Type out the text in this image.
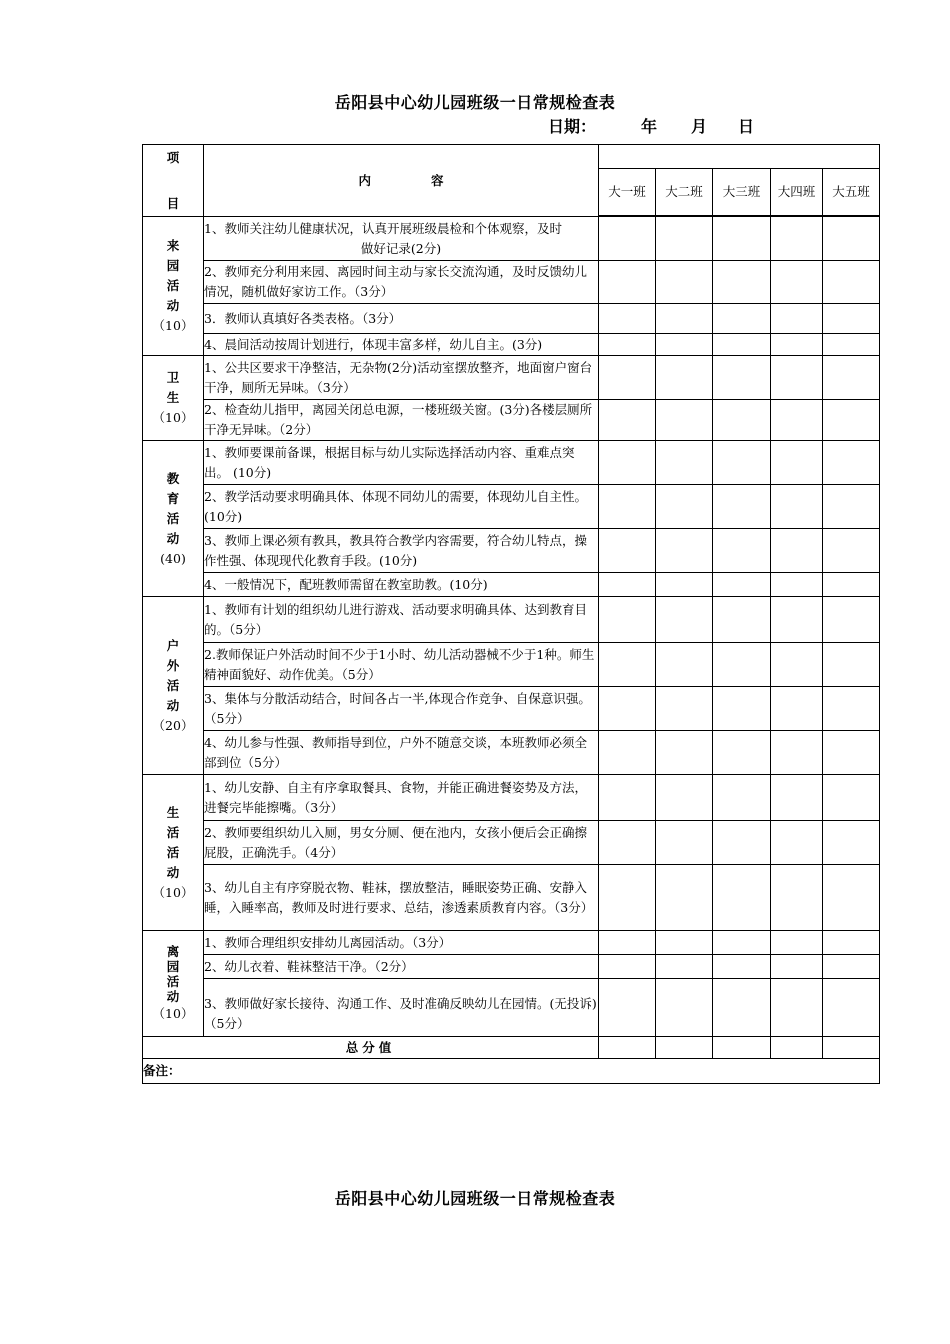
岳阳县中心幼儿园班级一日常规检查表
日期：	年 月 日
项
目	内容					
		大一班	大二班	大三班	大四班	大五班

来园活动
（10）	1、教师关注幼儿健康状况，认真开展班级晨检和个体观察，及时
做好记录(2分)					

	2、教师充分利用来园、离园时间主动与家长交流沟通，及时反馈幼儿情况，随机做好家访工作。（3分）					
	3．教师认真填好各类表格。（3分）					
	4、晨间活动按周计划进行，体现丰富多样，幼儿自主。(3分)					

卫生
（10）	1、公共区要求干净整洁，无杂物(2分)活动室摆放整齐，地面窗户窗台干净，厕所无异味。（3分）					
	2、检查幼儿指甲，离园关闭总电源，一楼班级关窗。(3分)各楼层厕所干净无异味。（2分）					

教育活动
(40)	1、教师要课前备课，根据目标与幼儿实际选择活动内容、重难点突出。 (10分)					
	2、教学活动要求明确具体、体现不同幼儿的需要，体现幼儿自主性。(10分)					
	3、教师上课必须有教具，教具符合教学内容需要，符合幼儿特点，操作性强、体现现代化教育手段。(10分)					
	4、一般情况下，配班教师需留在教室助教。(10分)					

户外活动
（20）	1、教师有计划的组织幼儿进行游戏、活动要求明确具体、达到教育目的。（5分）					
	2.教师保证户外活动时间不少于1小时、幼儿活动器械不少于1种。师生精神面貌好、动作优美。（5分）					
	3、集体与分散活动结合，时间各占一半,体现合作竞争、自保意识强。（5分）					
	4、幼儿参与性强、教师指导到位，户外不随意交谈，本班教师必须全部到位（5分）					

生活活动
（10）	1、幼儿安静、自主有序拿取餐具、食物，并能正确进餐姿势及方法，进餐完毕能擦嘴。（3分）					
	2、教师要组织幼儿入厕，男女分厕、便在池内，女孩小便后会正确擦屁股，正确洗手。（4分）					
	3、幼儿自主有序穿脱衣物、鞋袜，摆放整洁，睡眠姿势正确、安静入睡，入睡率高，教师及时进行要求、总结，渗透素质教育内容。（3分）					

离园活动
（10）	1、教师合理组织安排幼儿离园活动。（3分）					
	2、幼儿衣着、鞋袜整洁干净。（2分）					
	3、教师做好家长接待、沟通工作、及时准确反映幼儿在园情。(无投诉)（5分）					
总分值						
备注：						
岳阳县中心幼儿园班级一日常规检查表
